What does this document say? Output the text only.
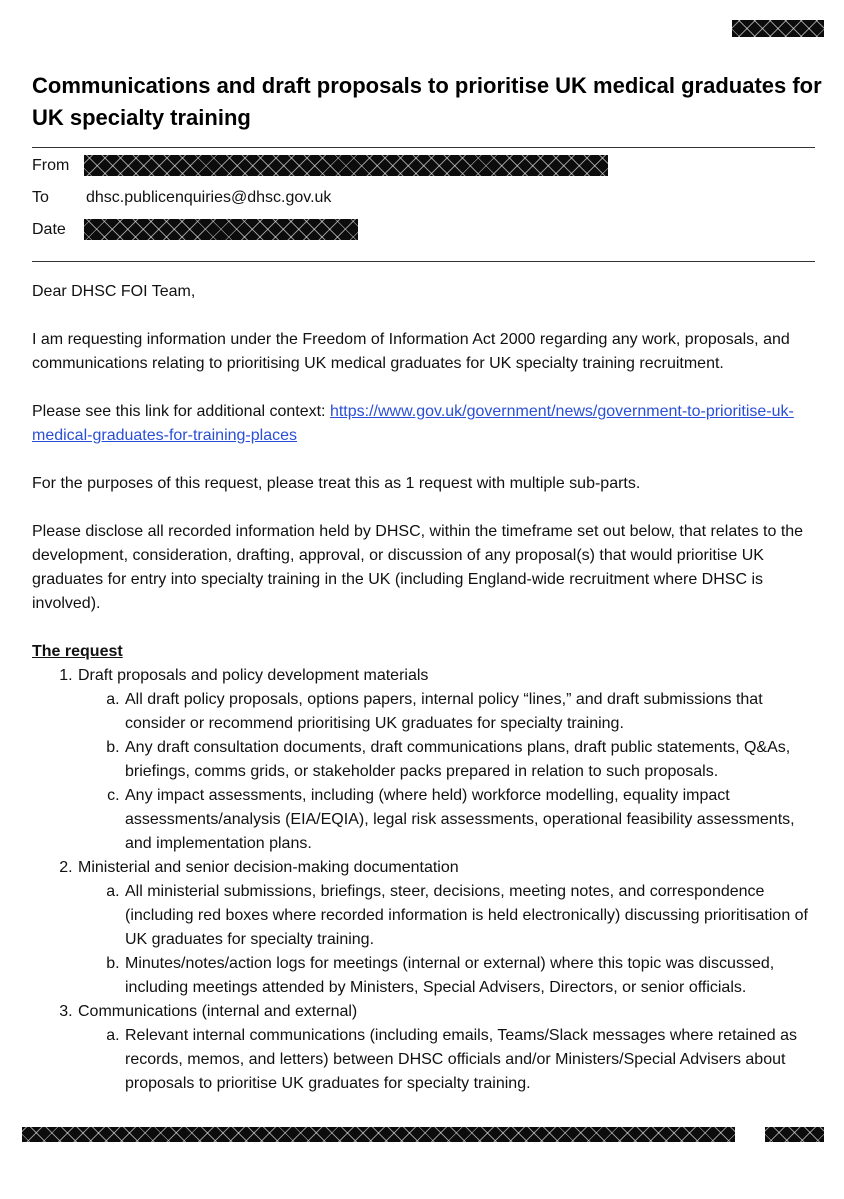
Communications and draft proposals to prioritise UK medical graduates for UK specialty training
From
To dhsc.publicenquiries@dhsc.gov.uk
Date

Dear DHSC FOI Team,

I am requesting information under the Freedom of Information Act 2000 regarding any work, proposals, and communications relating to prioritising UK medical graduates for UK specialty training recruitment.

Please see this link for additional context: https://www.gov.uk/government/news/government-to-prioritise-uk-medical-graduates-for-training-places

For the purposes of this request, please treat this as 1 request with multiple sub-parts.

Please disclose all recorded information held by DHSC, within the timeframe set out below, that relates to the development, consideration, drafting, approval, or discussion of any proposal(s) that would prioritise UK graduates for entry into specialty training in the UK (including England-wide recruitment where DHSC is involved).

The request
1. Draft proposals and policy development materials
a. All draft policy proposals, options papers, internal policy “lines,” and draft submissions that consider or recommend prioritising UK graduates for specialty training.
b. Any draft consultation documents, draft communications plans, draft public statements, Q&As, briefings, comms grids, or stakeholder packs prepared in relation to such proposals.
c. Any impact assessments, including (where held) workforce modelling, equality impact assessments/analysis (EIA/EQIA), legal risk assessments, operational feasibility assessments, and implementation plans.
2. Ministerial and senior decision-making documentation
a. All ministerial submissions, briefings, steer, decisions, meeting notes, and correspondence (including red boxes where recorded information is held electronically) discussing prioritisation of UK graduates for specialty training.
b. Minutes/notes/action logs for meetings (internal or external) where this topic was discussed, including meetings attended by Ministers, Special Advisers, Directors, or senior officials.
3. Communications (internal and external)
a. Relevant internal communications (including emails, Teams/Slack messages where retained as records, memos, and letters) between DHSC officials and/or Ministers/Special Advisers about proposals to prioritise UK graduates for specialty training.
